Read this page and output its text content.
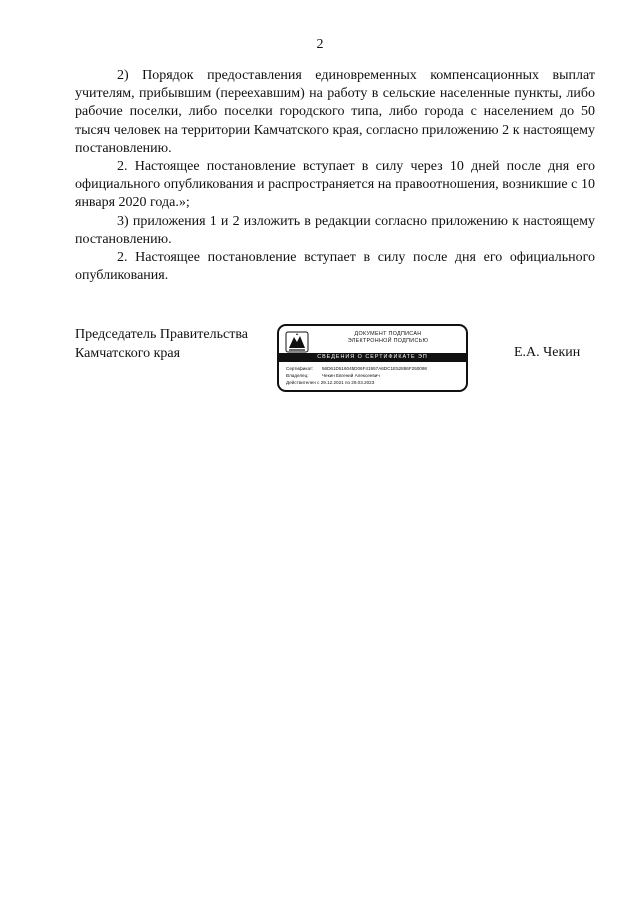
2

2) Порядок предоставления единовременных компенсационных выплат учителям, прибывшим (переехавшим) на работу в сельские населенные пункты, либо рабочие поселки, либо поселки городского типа, либо города с населением до 50 тысяч человек на территории Камчатского края, согласно приложению 2 к настоящему постановлению.

2. Настоящее постановление вступает в силу через 10 дней после дня его официального опубликования и распространяется на правоотношения, возникшие с 10 января 2020 года.»;

3) приложения 1 и 2 изложить в редакции согласно приложению к настоящему постановлению.

2. Настоящее постановление вступает в силу после дня его официального опубликования.

Председатель Правительства
Камчатского края
ДОКУМЕНТ ПОДПИСАН
ЭЛЕКТРОННОЙ ПОДПИСЬЮ
СВЕДЕНИЯ О СЕРТИФИКАТЕ ЭП
Сертификат: 56D61D516045D06F41957A6DC1E52886F250098
Владелец:	Чекин Евгений Алексеевич
Действителен с 29.12.2021 по 29.03.2023
Е.А. Чекин
